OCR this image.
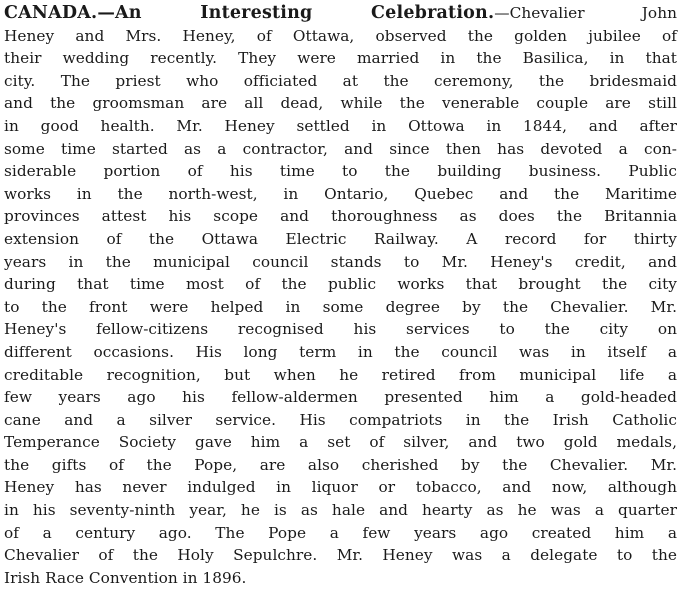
CANADA.—An Interesting Celebration.—Chevalier John
Heney and Mrs. Heney, of Ottawa, observed the golden jubilee of
their wedding recently. They were married in the Basilica, in that
city. The priest who officiated at the ceremony, the bridesmaid
and the groomsman are all dead, while the venerable couple are still
in good health. Mr. Heney settled in Ottowa in 1844, and after
some time started as a contractor, and since then has devoted a con-
siderable portion of his time to the building business. Public
works in the north-west, in Ontario, Quebec and the Maritime
provinces attest his scope and thoroughness as does the Britannia
extension of the Ottawa Electric Railway. A record for thirty
years in the municipal council stands to Mr. Heney's credit, and
during that time most of the public works that brought the city
to the front were helped in some degree by the Chevalier. Mr.
Heney's fellow-citizens recognised his services to the city on
different occasions. His long term in the council was in itself a
creditable recognition, but when he retired from municipal life a
few years ago his fellow-aldermen presented him a gold-headed
cane and a silver service. His compatriots in the Irish Catholic
Temperance Society gave him a set of silver, and two gold medals,
the gifts of the Pope, are also cherished by the Chevalier. Mr.
Heney has never indulged in liquor or tobacco, and now, although
in his seventy-ninth year, he is as hale and hearty as he was a quarter
of a century ago. The Pope a few years ago created him a
Chevalier of the Holy Sepulchre. Mr. Heney was a delegate to the
Irish Race Convention in 1896.
